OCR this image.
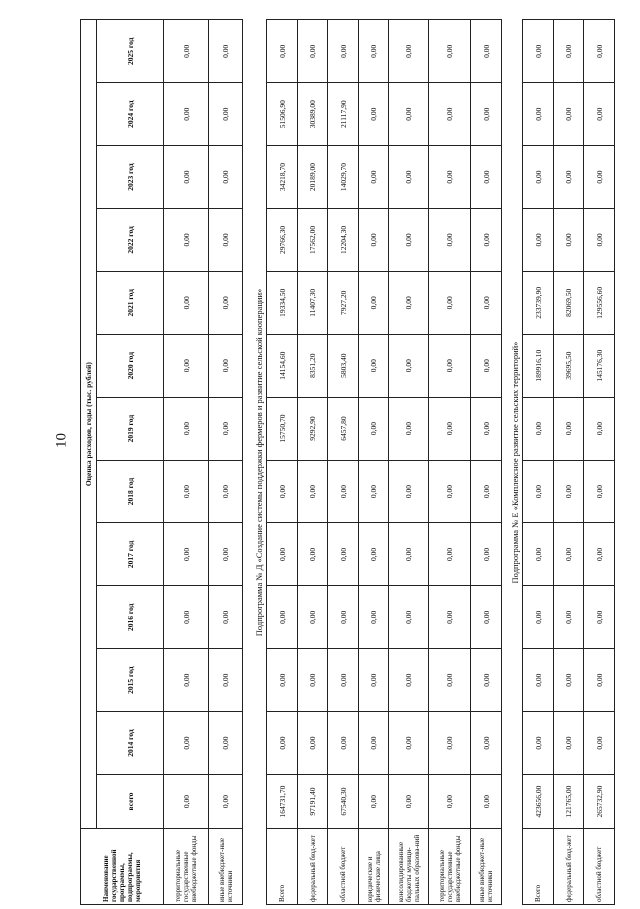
10
Наименование государственной программы, подпрограммы, мероприятия	Оценка расходов, годы (тыс. рублей)												
	всего	2014 год	2015 год	2016 год	2017 год	2018 год	2019 год	2020 год	2021 год	2022 год	2023 год	2024 год	2025 год
территориальные государственные внебюджетные фонды	0,00	0,00	0,00	0,00	0,00	0,00	0,00	0,00	0,00	0,00	0,00	0,00	0,00
иные внебюджет-ные источники	0,00	0,00	0,00	0,00	0,00	0,00	0,00	0,00	0,00	0,00	0,00	0,00	0,00
Подпрограмма № Д «Создание системы поддержки фермеров и развитие сельской кооперации»
Всего	164731,70	0,00	0,00	0,00	0,00	0,00	15750,70	14154,60	19334,50	29766,30	34218,70	51506,90	0,00
федеральный бюд-жет	97191,40	0,00	0,00	0,00	0,00	0,00	9292,90	8351,20	11407,30	17562,00	20189,00	30389,00	0,00
областной бюджет	67540,30	0,00	0,00	0,00	0,00	0,00	6457,80	5803,40	7927,20	12204,30	14029,70	21117,90	0,00
юридические и физические лица	0,00	0,00	0,00	0,00	0,00	0,00	0,00	0,00	0,00	0,00	0,00	0,00	0,00
консолидированные бюджеты муници-пальных образова-ний	0,00	0,00	0,00	0,00	0,00	0,00	0,00	0,00	0,00	0,00	0,00	0,00	0,00
территориальные государственные внебюджетные фонды	0,00	0,00	0,00	0,00	0,00	0,00	0,00	0,00	0,00	0,00	0,00	0,00	0,00
иные внебюджет-ные источники	0,00	0,00	0,00	0,00	0,00	0,00	0,00	0,00	0,00	0,00	0,00	0,00	0,00
Подпрограмма № Е «Комплексное развитие сельских территорий»
Всего	423656,00	0,00	0,00	0,00	0,00	0,00	0,00	189916,10	233739,90	0,00	0,00	0,00	0,00
федеральный бюд-жет	121765,00	0,00	0,00	0,00	0,00	0,00	0,00	39695,50	82069,50	0,00	0,00	0,00	0,00
областной бюджет	265732,90	0,00	0,00	0,00	0,00	0,00	0,00	145176,30	129556,60	0,00	0,00	0,00	0,00
